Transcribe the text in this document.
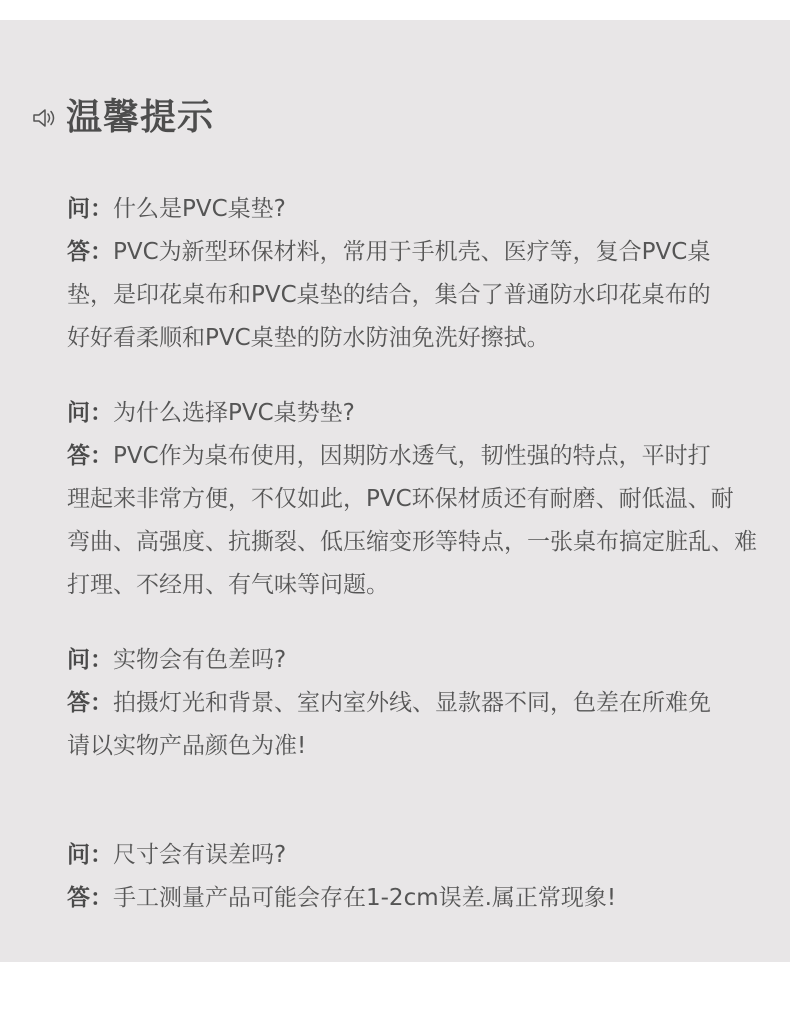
温馨提示
问：什么是PVC桌垫?
答：PVC为新型环保材料，常用于手机壳、医疗等，复合PVC桌
垫，是印花桌布和PVC桌垫的结合，集合了普通防水印花桌布的
好好看柔顺和PVC桌垫的防水防油免洗好擦拭。
问：为什么选择PVC桌势垫?
答：PVC作为桌布使用，因期防水透气，韧性强的特点，平时打
理起来非常方便，不仅如此，PVC环保材质还有耐磨、耐低温、耐
弯曲、高强度、抗撕裂、低压缩变形等特点，一张桌布搞定脏乱、难
打理、不经用、有气味等问题。
问：实物会有色差吗?
答：拍摄灯光和背景、室内室外线、显款器不同，色差在所难免
请以实物产品颜色为准!
问：尺寸会有误差吗?
答：手工测量产品可能会存在1-2cm误差.属正常现象!
